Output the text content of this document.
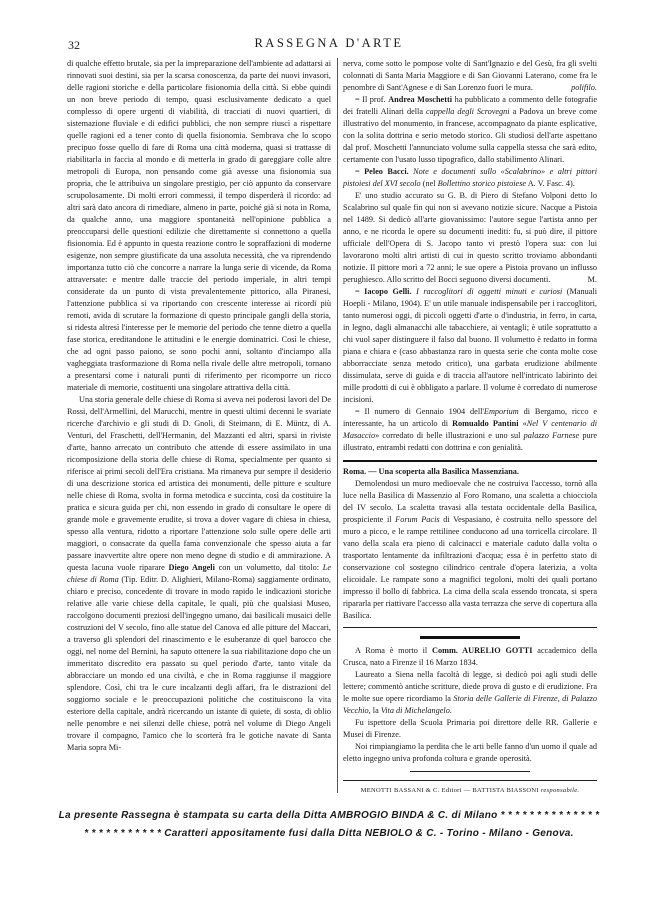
32	RASSEGNA D'ARTE

di qualche effetto brutale, sia per la impreparazione dell'ambiente ad adattarsi ai rinnovati suoi destini, sia per la scarsa conoscenza, da parte dei nuovi invasori, delle ragioni storiche e della particolare fisionomia della città. Si ebbe quindi un non breve periodo di tempo, quasi esclusivamente dedicato a quel complesso di opere urgenti di viabilità, di tracciati di nuovi quartieri, di sistemazione fluviale e di edifici pubblici, che non sempre riuscì a rispettare quelle ragioni ed a tener conto di quella fisionomia. Sembrava che lo scopo precipuo fosse quello di fare di Roma una città moderna, quasi si trattasse di riabilitarla in faccia al mondo e di metterla in grado di gareggiare colle altre metropoli di Europa, non pensando come già avesse una fisionomia sua propria, che le attribuiva un singolare prestigio, per ciò appunto da conservare scrupolosamente. Di molti errori commessi, il tempo disperderà il ricordo: ad altri sarà dato ancora di rimediare, almeno in parte, poiché già si nota in Roma, da qualche anno, una maggiore spontaneità nell'opinione pubblica a preoccuparsi delle questioni edilizie che direttamente si connettono a quella fisionomia. Ed è appunto in questa reazione contro le sopraffazioni di moderne esigenze, non sempre giustificate da una assoluta necessità, che va riprendendo importanza tutto ciò che concorre a narrare la lunga serie di vicende, da Roma attraversate: e mentre dalle traccie del periodo imperiale, in altri tempi considerate da un punto di vista prevalentemente pittorico, alla Piranesi, l'attenzione pubblica si va riportando con crescente interesse ai ricordi più remoti, avida di scrutare la formazione di questo principale gangli della storia, si ridesta altresì l'interesse per le memorie del periodo che tenne dietro a quella fase storica, ereditandone le attitudini e le energie dominatrici. Così le chiese, che ad ogni passo paiono, se sono pochi anni, soltanto d'inciampo alla vagheggiata trasformazione di Roma nella rivale delle altre metropoli, tornano a presentarsi come i naturali punti di riferimento per ricomporre un ricco materiale di memorie, costituenti una singolare attrattiva della città.

Una storia generale delle chiese di Roma si aveva nei poderosi lavori del De Rossi, dell'Armellini, del Marucchi, mentre in questi ultimi decenni le svariate ricerche d'archivio e gli studi di D. Gnoli, di Steimann, di E. Müntz, di A. Venturi, del Fraschetti, dell'Hermanin, del Mazzanti ed altri, sparsi in riviste d'arte, hanno arrecato un contributo che attende di essere assimilato in una ricomposizione della storia delle chiese di Roma, specialmente per quanto si riferisce ai primi secoli dell'Era cristiana. Ma rimaneva pur sempre il desiderio di una descrizione storica ed artistica dei monumenti, delle pitture e sculture nelle chiese di Roma, svolta in forma metodica e succinta, così da costituire la pratica e sicura guida per chi, non essendo in grado di consultare le opere di grande mole e gravemente erudite, si trova a dover vagare di chiesa in chiesa, spesso alla ventura, ridotto a riportare l'attenzione solo sulle opere delle arti maggiori, o consacrate da quella fama convenzionale che spesso aiuta a far passare inavvertite altre opere non meno degne di studio e di ammirazione. A questa lacuna vuole riparare Diego Angeli con un volumetto, dal titolo: Le chiese di Roma (Tip. Editr. D. Alighieri, Milano-Roma) saggiamente ordinato, chiaro e preciso, concedente di trovare in modo rapido le indicazioni storiche relative alle varie chiese della capitale, le quali, più che qualsiasi Museo, raccolgono documenti preziosi dell'ingegno umano, dai basilicali musaici delle costruzioni del V secolo, fino alle statue del Canova ed alle pitture del Maccari, a traverso gli splendori del rinascimento e le esuberanze di quel barocco che oggi, nel nome del Bernini, ha saputo ottenere la sua riabilitazione dopo che un immeritato discredito era passato su quel periodo d'arte, tanto vitale da abbracciare un mondo ed una civiltà, e che in Roma raggiunse il maggiore splendore. Così, chi tra le cure incalzanti degli affari, fra le distrazioni del soggiorno sociale e le preoccupazioni politiche che costituiscono la vita esteriore della capitale, andrà ricercando un istante di quiete, di sosta, di oblio nelle penombre e nei silenzi delle chiese, potrà nel volume di Diego Angeli trovare il compagno, l'amico che lo scorterà fra le gotiche navate di Santa Maria sopra Mi-

nerva, come sotto le pompose volte di Sant'Ignazio e del Gesù, fra gli svelti colonnati di Santa Maria Maggiore e di San Giovanni Laterano, come fra le penombre di Sant'Agnese e di San Lorenzo fuori le mura.	polifilo.

= Il prof. Andrea Moschetti ha pubblicato a commento delle fotografie dei fratelli Alinari della cappella degli Scrovegni a Padova un breve come illustrativo del monumento, in francese, accompagnato da piante esplicative, con la solita dottrina e serio metodo storico. Gli studiosi dell'arte aspettano dal prof. Moschetti l'annunciato volume sulla cappella stessa che sarà edito, certamente con l'usato lusso tipografico, dallo stabilimento Alinari.

= Peleo Bacci. Note e documenti sullo «Scalabrino» e altri pittori pistoiesi del XVI secolo (nel Bollettino storico pistoiese A. V. Fasc. 4).

E' uno studio accurato su G. B. di Piero di Stefano Volponi detto lo Scalabrino sul quale fin qui non si avevano notizie sicure. Nacque a Pistoia nel 1489. Si dedicò all'arte giovanissimo: l'autore segue l'artista anno per anno, e ne ricorda le opere su documenti inediti: fu, si può dire, il pittore ufficiale dell'Opera di S. Jacopo tanto vi prestò l'opera sua: con lui lavorarono molti altri artisti di cui in questo scritto troviamo abbondanti notizie. Il pittore morì a 72 anni; le sue opere a Pistoia provano un influsso perughiesco. Allo scritto del Bocci seguono diversi documenti.	M.

= Iacopo Gelli. I raccoglitori di oggetti minuti e curiosi (Manuali Hoepli - Milano, 1904). E' un utile manuale indispensabile per i raccoglitori, tanto numerosi oggi, di piccoli oggetti d'arte o d'industria, in ferro, in carta, in legno, dagli almanacchi alle tabacchiere, ai ventagli; è utile soprattutto a chi vuol saper distinguere il falso dal buono. Il volumetto è redatto in forma piana e chiara e (caso abbastanza raro in questa serie che conta molte cose abborracciate senza metodo critico), una garbata erudizione abilmente dissimulata, serve di guida e di traccia all'autore nell'intricato labirinto dei mille prodotti di cui è obbligato a parlare. Il volume è corredato di numerose incisioni.

= Il numero di Gennaio 1904 dell'Emporium di Bergamo, ricco e interessante, ha un articolo di Romualdo Pantini «Nel V centenario di Masaccio» corredato di belle illustrazioni e uno sul palazzo Farnese pure illustrato, entrambi redatti con dottrina e con genialità.

Roma. — Una scoperta alla Basilica Massenziana.

Demolendosi un muro medioevale che ne costruiva l'accesso, tornò alla luce nella Basilica di Massenzio al Foro Romano, una scaletta a chiocciola del IV secolo. La scaletta travasi alla testata occidentale della Basilica, prospiciente il Forum Pacis di Vespasiano, è costruita nello spessore del muro a picco, e le rampe rettilinee conducono ad una torricella circolare. Il vano della scala era pieno di calcinacci e materiale caduto dalla volta o trasportato lentamente da infiltrazioni d'acqua; essa è in perfetto stato di conservazione col sostegno cilindrico centrale d'opera laterizia, a volta elicoidale. Le rampate sono a magnifici tegoloni, molti dei quali portano impresso il bollo di fabbrica. La cima della scala essendo troncata, si spera ripararla per riattivare l'accesso alla vasta terrazza che serve di copertura alla Basilica.

A Roma è morto il Comm. AURELIO GOTTI accademico della Crusca, nato a Firenze il 16 Marzo 1834.

Laureato a Siena nella facoltà di legge, si dedicò poi agli studi delle lettere; commentò antiche scritture, diede prova di gusto e di erudizione. Fra le molte sue opere ricordiamo la Storia delle Gallerie di Firenze, di Palazzo Vecchio, la Vita di Michelangelo.

Fu ispettore della Scuola Primaria poi direttore delle RR. Gallerie e Musei di Firenze.

Noi rimpiangiamo la perdita che le arti belle fanno d'un uomo il quale ad eletto ingegno univa profonda coltura e grande operosità.

MENOTTI BASSANI & C. Editori — BATTISTA BIASSONI responsabile.
La presente Rassegna è stampata su carta della Ditta AMBROGIO BINDA & C. di Milano * * * * * * * * * * * * * *
* * * * * * * * * * * Caratteri appositamente fusi dalla Ditta NEBIOLO & C. - Torino - Milano - Genova.
